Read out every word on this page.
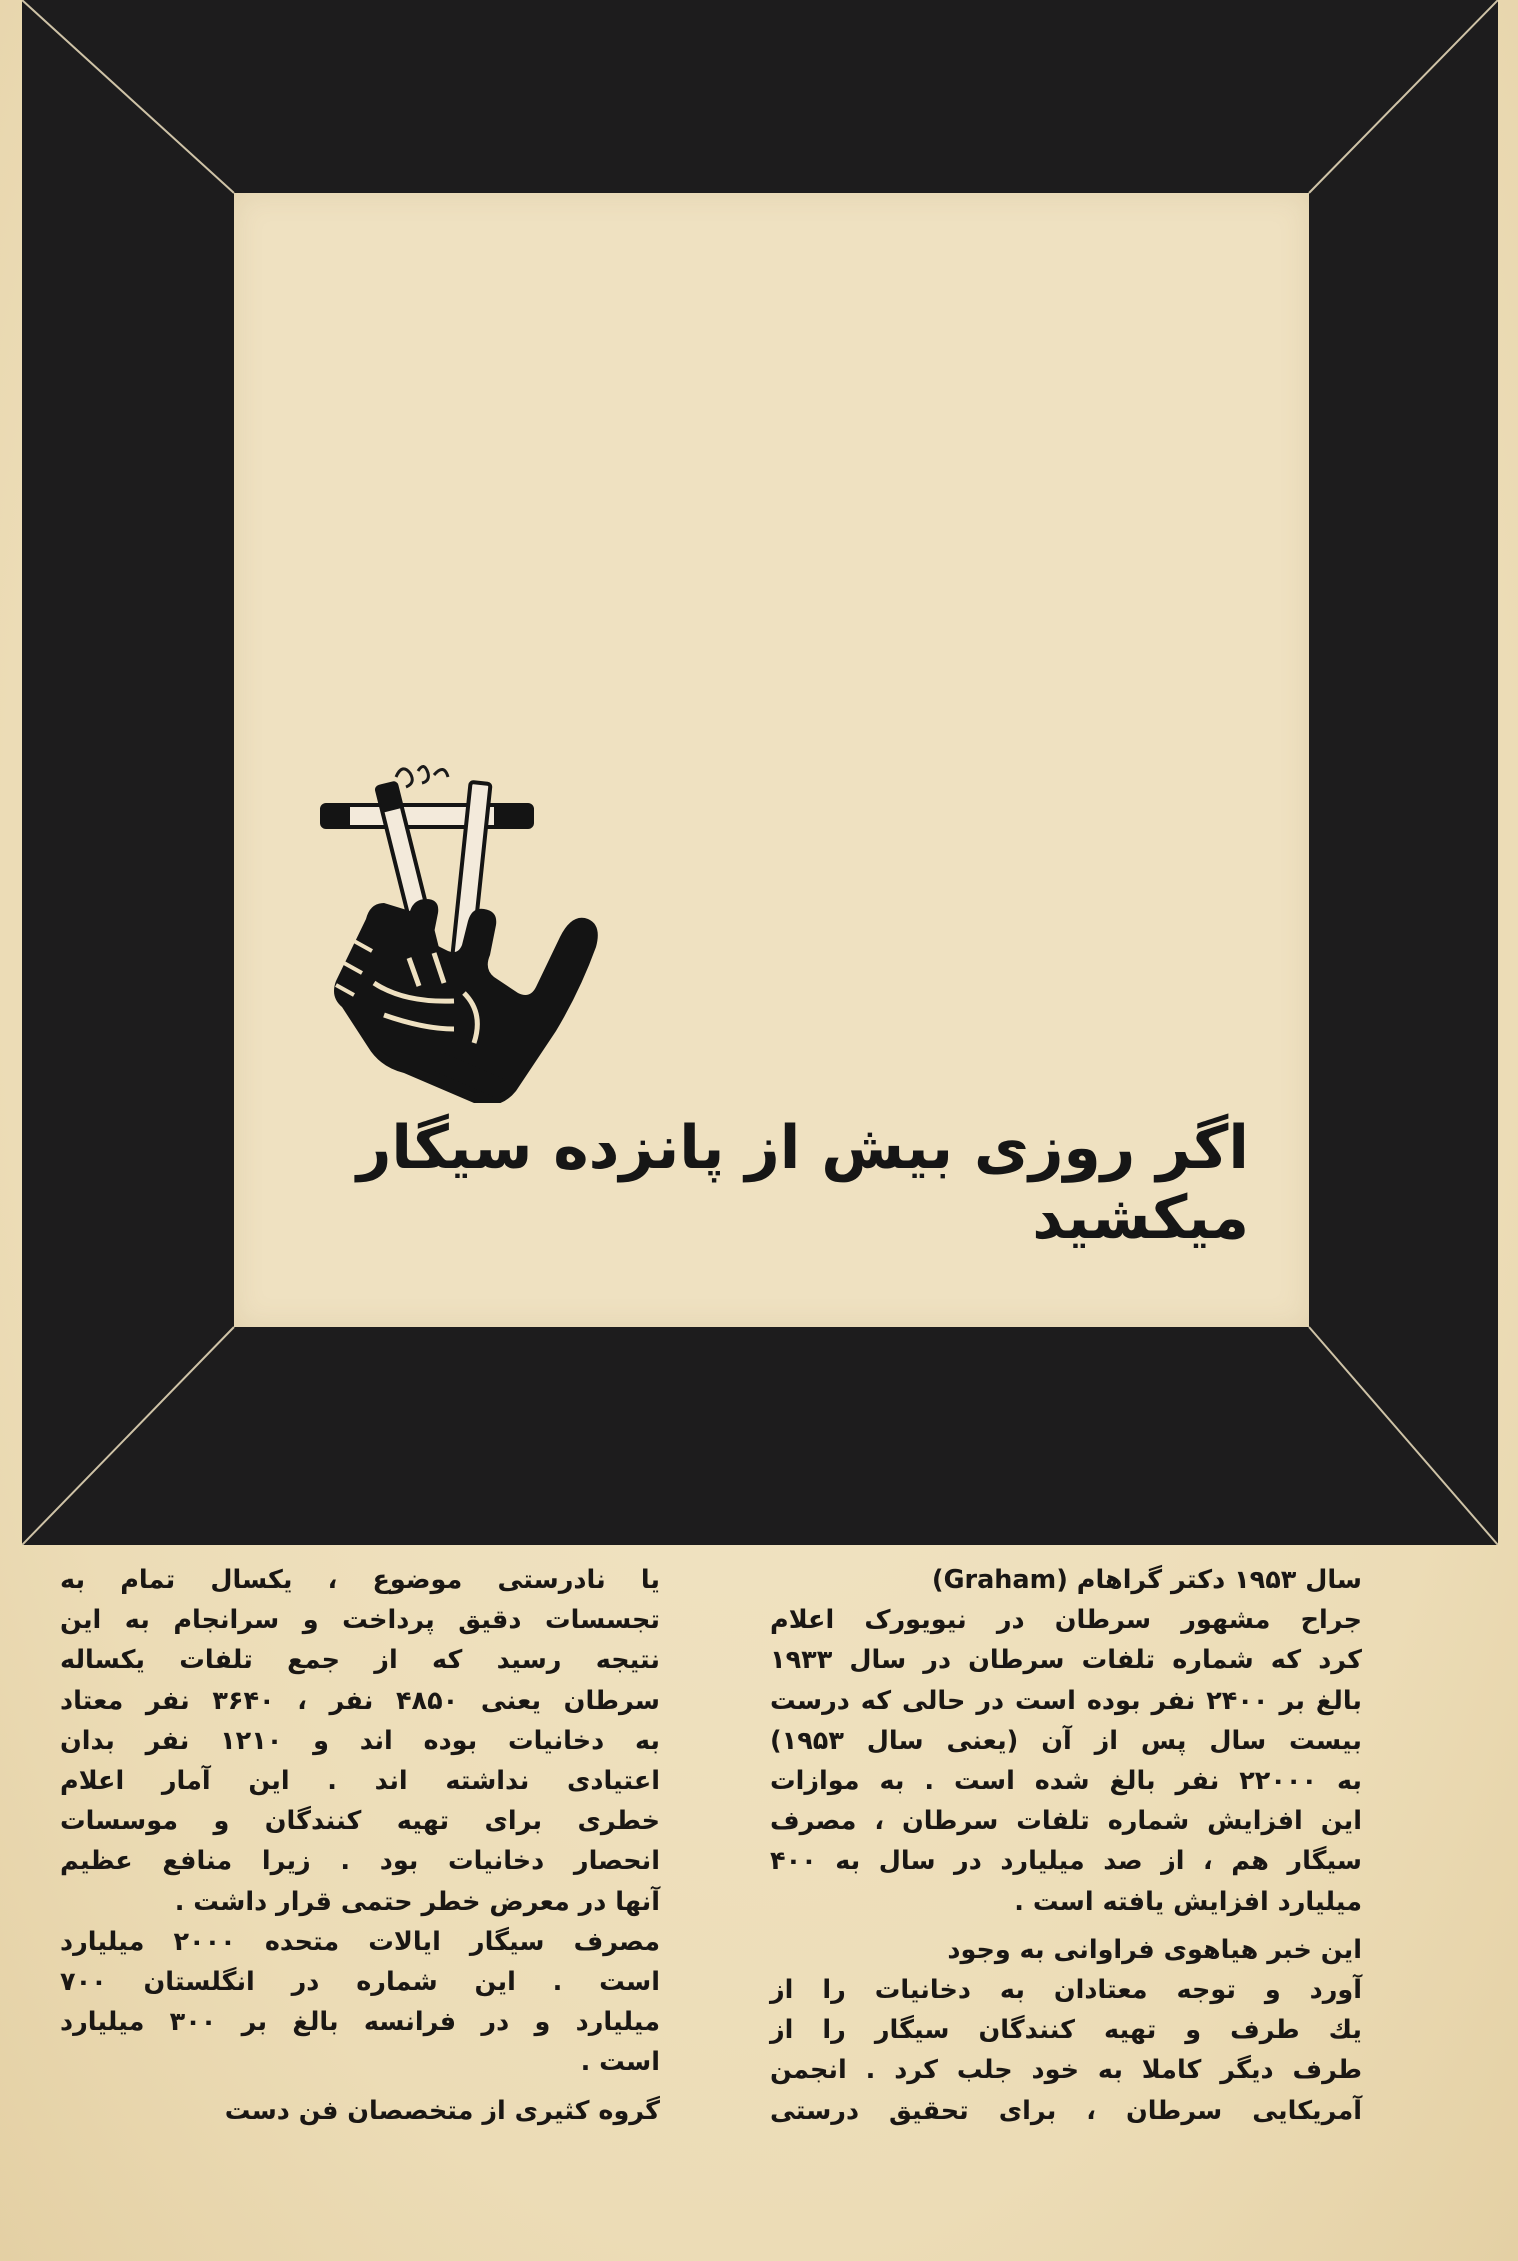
اگر روزی بیش از پانزده سیگار میکشید
سال ۱۹۵۳ دکتر گراهام (Graham)
جراح مشهور سرطان در نیویورک اعلام
کرد که شماره تلفات سرطان در سال ۱۹۳۳
بالغ بر ۲۴۰۰ نفر بوده است در حالی که درست
بیست سال پس از آن (یعنی سال ۱۹۵۳)
به ۲۲۰۰۰ نفر بالغ شده است . به موازات
این افزایش شماره تلفات سرطان ، مصرف
سیگار هم ، از صد میلیارد در سال به ۴۰۰
میلیارد افزایش یافته است .
این خبر هیاهوی فراوانی به وجود
آورد و توجه معتادان به دخانیات را از
یك طرف و تهیه کنندگان سیگار را از
طرف دیگر کاملا به خود جلب کرد . انجمن
آمریکایی سرطان ، برای تحقیق درستی
یا نادرستی موضوع ، یکسال تمام به
تجسسات دقیق پرداخت و سرانجام به این
نتیجه رسید که از جمع تلفات یکساله
سرطان یعنی ۴۸۵۰ نفر ، ۳۶۴۰ نفر معتاد
به دخانیات بوده اند و ۱۲۱۰ نفر بدان
اعتیادی نداشته اند . این آمار اعلام
خطری برای تهیه کنندگان و موسسات
انحصار دخانیات بود . زیرا منافع عظیم
آنها در معرض خطر حتمی قرار داشت .
مصرف سیگار ایالات متحده ۲۰۰۰ میلیارد
است . این شماره در انگلستان ۷۰۰
میلیارد و در فرانسه بالغ بر ۳۰۰ میلیارد
است .
گروه کثیری از متخصصان فن دست
